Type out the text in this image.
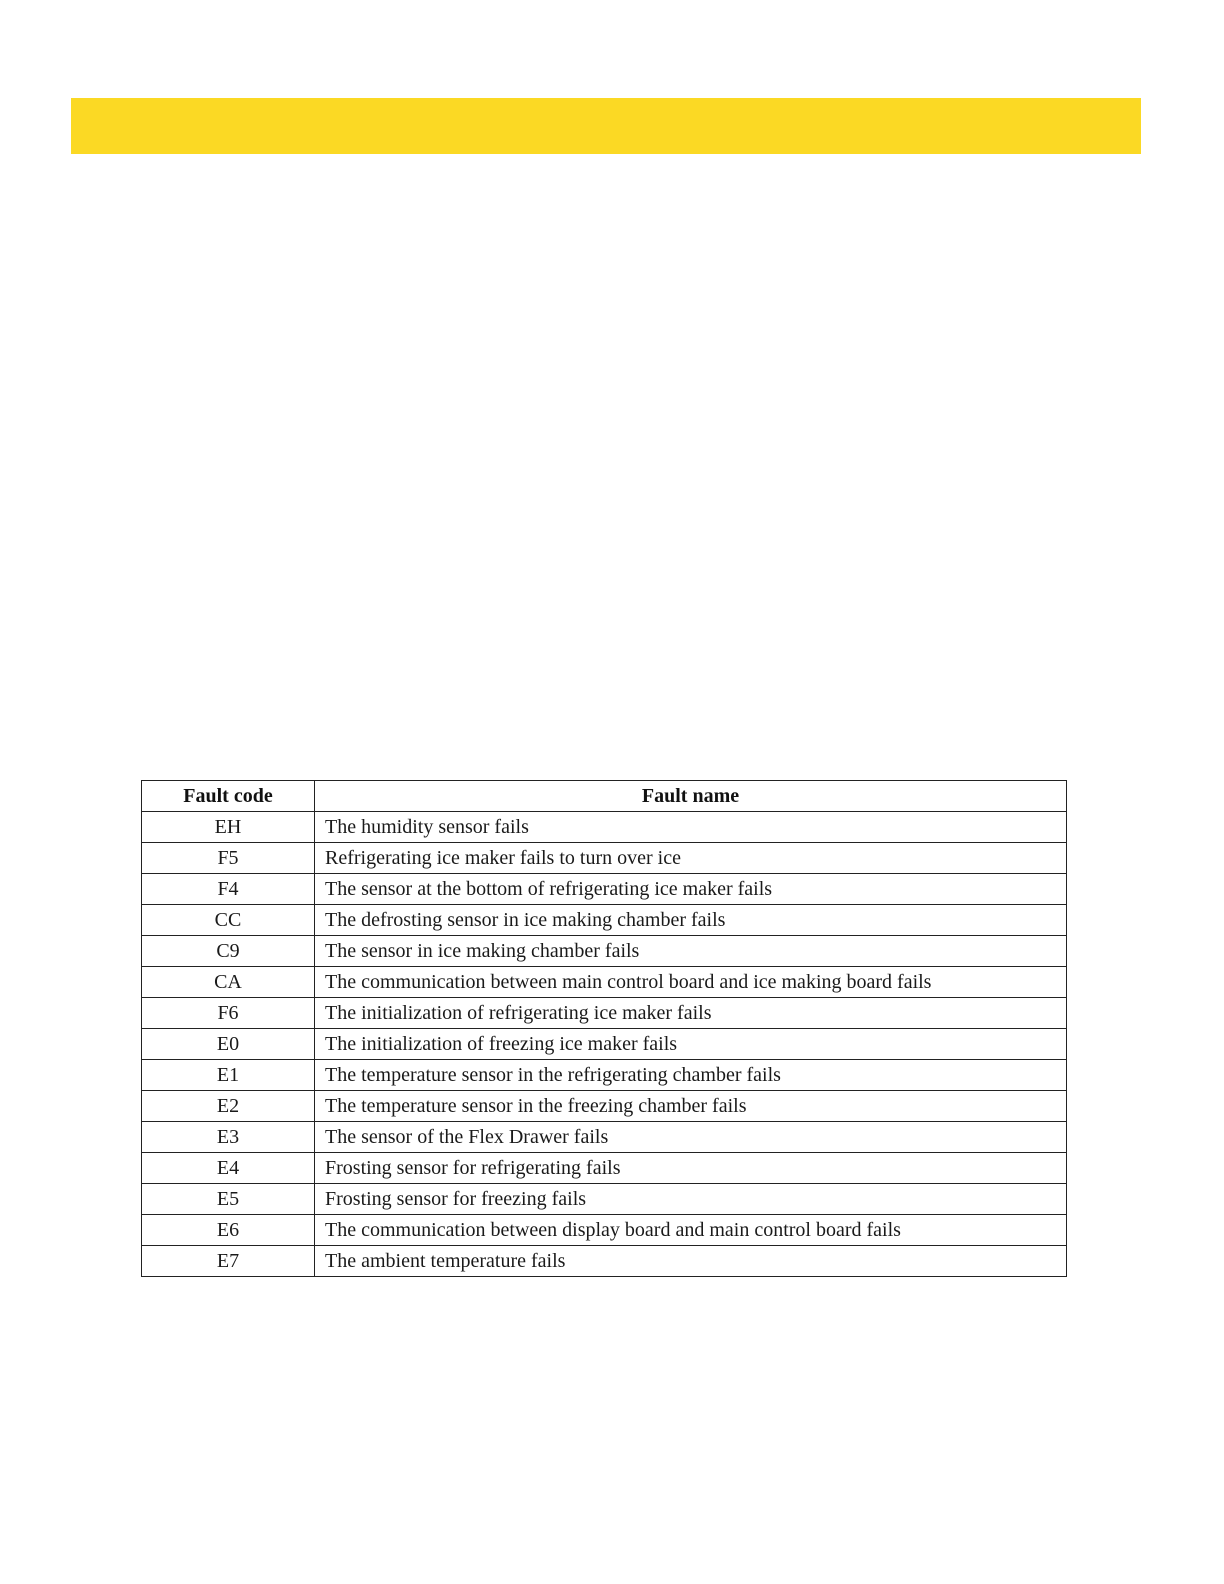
Fault code	Fault name
EH	The humidity sensor fails
F5	Refrigerating ice maker fails to turn over ice
F4	The sensor at the bottom of refrigerating ice maker fails
CC	The defrosting sensor in ice making chamber fails
C9	The sensor in ice making chamber fails
CA	The communication between main control board and ice making board fails
F6	The initialization of refrigerating ice maker fails
E0	The initialization of freezing ice maker fails
E1	The temperature sensor in the refrigerating chamber fails
E2	The temperature sensor in the freezing chamber fails
E3	The sensor of the Flex Drawer fails
E4	Frosting sensor for refrigerating fails
E5	Frosting sensor for freezing fails
E6	The communication between display board and main control board fails
E7	The ambient temperature fails
